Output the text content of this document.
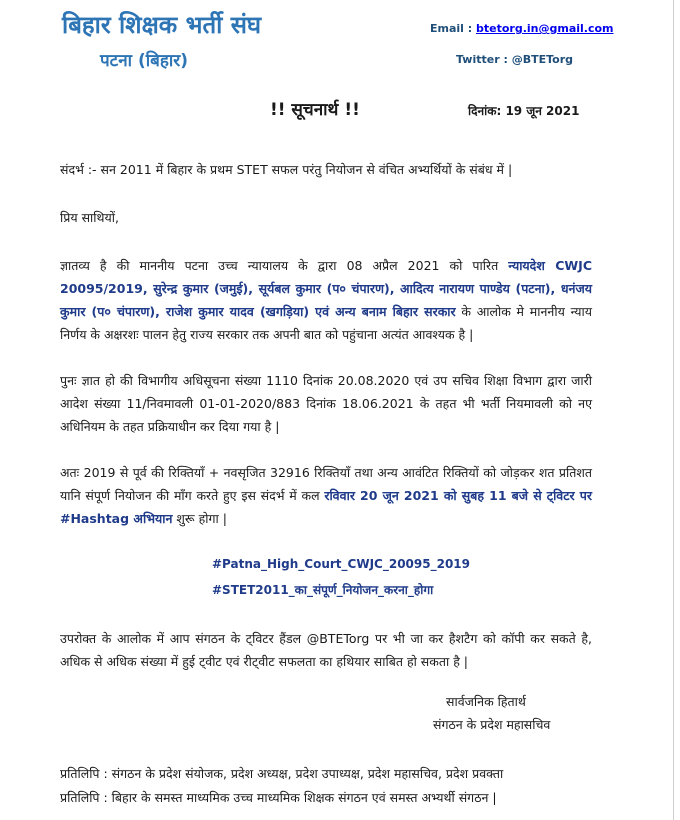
बिहार शिक्षक भर्ती संघ
पटना (बिहार)
Email : btetorg.in@gmail.com
Twitter : @BTETorg
!! सूचनार्थ !!	दिनांक: 19 जून 2021
संदर्भ :- सन 2011 में बिहार के प्रथम STET सफल परंतु नियोजन से वंचित अभ्यर्थियों के संबंध में |
प्रिय साथियों,
ज्ञातव्य है की माननीय पटना उच्च न्यायालय के द्वारा 08 अप्रैल 2021 को पारित न्यायदेश CWJC 20095/2019, सुरेन्द्र कुमार (जमुई), सूर्यबल कुमार (प० चंपारण), आदित्य नारायण पाण्डेय (पटना), धनंजय कुमार (प० चंपारण), राजेश कुमार यादव (खगड़िया) एवं अन्य बनाम बिहार सरकार के आलोक मे माननीय न्याय निर्णय के अक्षरशः पालन हेतु राज्य सरकार तक अपनी बात को पहुंचाना अत्यंत आवश्यक है |
पुनः ज्ञात हो की विभागीय अधिसूचना संख्या 1110 दिनांक 20.08.2020 एवं उप सचिव शिक्षा विभाग द्वारा जारी आदेश संख्या 11/निवमावली 01-01-2020/883 दिनांक 18.06.2021 के तहत भी भर्ती नियमावली को नए अधिनियम के तहत प्रक्रियाधीन कर दिया गया है |
अतः 2019 से पूर्व की रिक्तियाँ + नवसृजित 32916 रिक्तियाँ तथा अन्य आवंटित रिक्तियों को जोड़कर शत प्रतिशत यानि संपूर्ण नियोजन की माँग करते हुए इस संदर्भ में कल रविवार 20 जून 2021 को सुबह 11 बजे से ट्विटर पर #Hashtag अभियान शुरू होगा |
#Patna_High_Court_CWJC_20095_2019
#STET2011_का_संपूर्ण_नियोजन_करना_होगा
उपरोक्त के आलोक में आप संगठन के ट्विटर हैंडल @BTETorg पर भी जा कर हैशटैग को कॉपी कर सकते है, अधिक से अधिक संख्या में हुई ट्वीट एवं रीट्वीट सफलता का हथियार साबित हो सकता है |
सार्वजनिक हितार्थ
संगठन के प्रदेश महासचिव
प्रतिलिपि : संगठन के प्रदेश संयोजक, प्रदेश अध्यक्ष, प्रदेश उपाध्यक्ष, प्रदेश महासचिव, प्रदेश प्रवक्ता
प्रतिलिपि : बिहार के समस्त माध्यमिक उच्च माध्यमिक शिक्षक संगठन एवं समस्त अभ्यर्थी संगठन |
